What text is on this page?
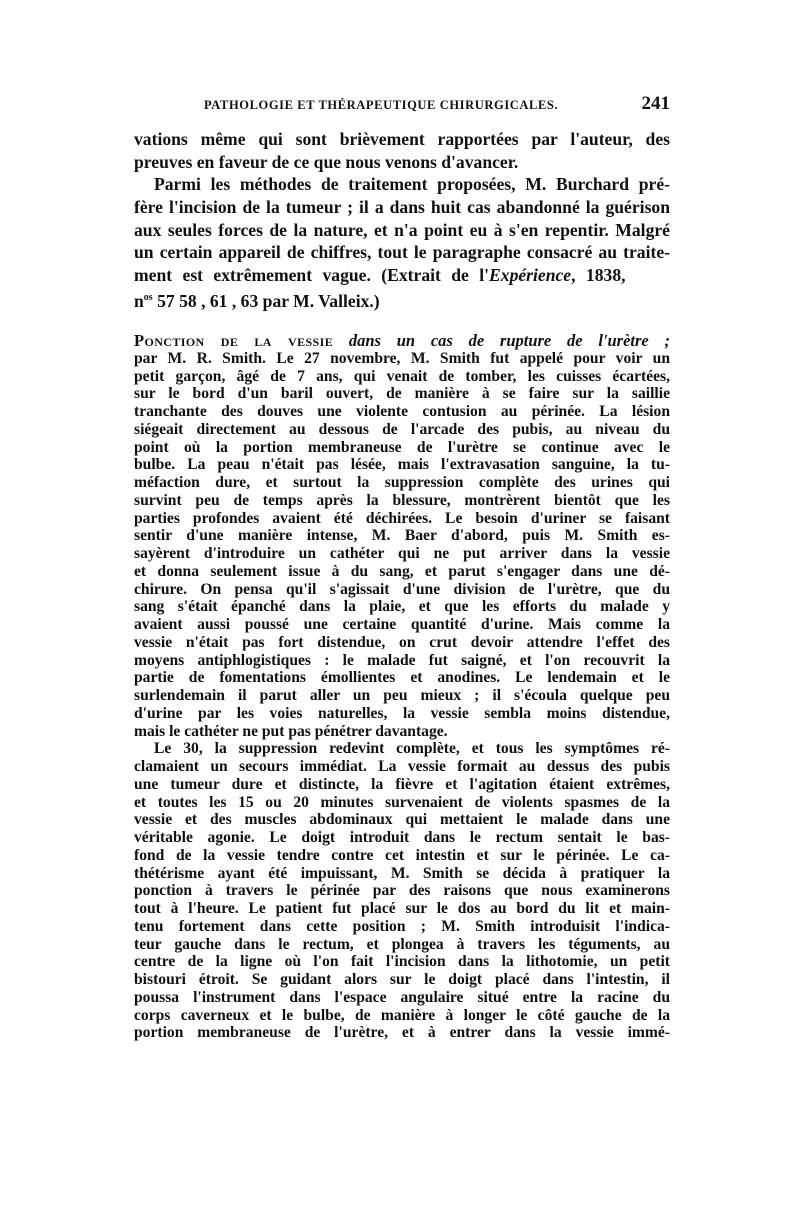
PATHOLOGIE ET THÉRAPEUTIQUE CHIRURGICALES.	241
vations même qui sont brièvement rapportées par l'auteur, des
preuves en faveur de ce que nous venons d'avancer.
Parmi les méthodes de traitement proposées, M. Burchard pré-
fère l'incision de la tumeur ; il a dans huit cas abandonné la guérison
aux seules forces de la nature, et n'a point eu à s'en repentir. Malgré
un certain appareil de chiffres, tout le paragraphe consacré au traite-
ment est extrêmement vague. (Extrait de l'Expérience, 1838,
$n^{os}$ 57 58 , 61 , 63 par M. Valleix.)
Ponction de la vessie dans un cas de rupture de l'urètre ;
par M. R. Smith. Le 27 novembre, M. Smith fut appelé pour voir un
petit garçon, âgé de 7 ans, qui venait de tomber, les cuisses écartées,
sur le bord d'un baril ouvert, de manière à se faire sur la saillie
tranchante des douves une violente contusion au périnée. La lésion
siégeait directement au dessous de l'arcade des pubis, au niveau du
point où la portion membraneuse de l'urètre se continue avec le
bulbe. La peau n'était pas lésée, mais l'extravasation sanguine, la tu-
méfaction dure, et surtout la suppression complète des urines qui
survint peu de temps après la blessure, montrèrent bientôt que les
parties profondes avaient été déchirées. Le besoin d'uriner se faisant
sentir d'une manière intense, M. Baer d'abord, puis M. Smith es-
sayèrent d'introduire un cathéter qui ne put arriver dans la vessie
et donna seulement issue à du sang, et parut s'engager dans une dé-
chirure. On pensa qu'il s'agissait d'une division de l'urètre, que du
sang s'était épanché dans la plaie, et que les efforts du malade y
avaient aussi poussé une certaine quantité d'urine. Mais comme la
vessie n'était pas fort distendue, on crut devoir attendre l'effet des
moyens antiphlogistiques : le malade fut saigné, et l'on recouvrit la
partie de fomentations émollientes et anodines. Le lendemain et le
surlendemain il parut aller un peu mieux ; il s'écoula quelque peu
d'urine par les voies naturelles, la vessie sembla moins distendue,
mais le cathéter ne put pas pénétrer davantage.
Le 30, la suppression redevint complète, et tous les symptômes ré-
clamaient un secours immédiat. La vessie formait au dessus des pubis
une tumeur dure et distincte, la fièvre et l'agitation étaient extrêmes,
et toutes les 15 ou 20 minutes survenaient de violents spasmes de la
vessie et des muscles abdominaux qui mettaient le malade dans une
véritable agonie. Le doigt introduit dans le rectum sentait le bas-
fond de la vessie tendre contre cet intestin et sur le périnée. Le ca-
thétérisme ayant été impuissant, M. Smith se décida à pratiquer la
ponction à travers le périnée par des raisons que nous examinerons
tout à l'heure. Le patient fut placé sur le dos au bord du lit et main-
tenu fortement dans cette position ; M. Smith introduisit l'indica-
teur gauche dans le rectum, et plongea à travers les téguments, au
centre de la ligne où l'on fait l'incision dans la lithotomie, un petit
bistouri étroit. Se guidant alors sur le doigt placé dans l'intestin, il
poussa l'instrument dans l'espace angulaire situé entre la racine du
corps caverneux et le bulbe, de manière à longer le côté gauche de la
portion membraneuse de l'urètre, et à entrer dans la vessie immé-
